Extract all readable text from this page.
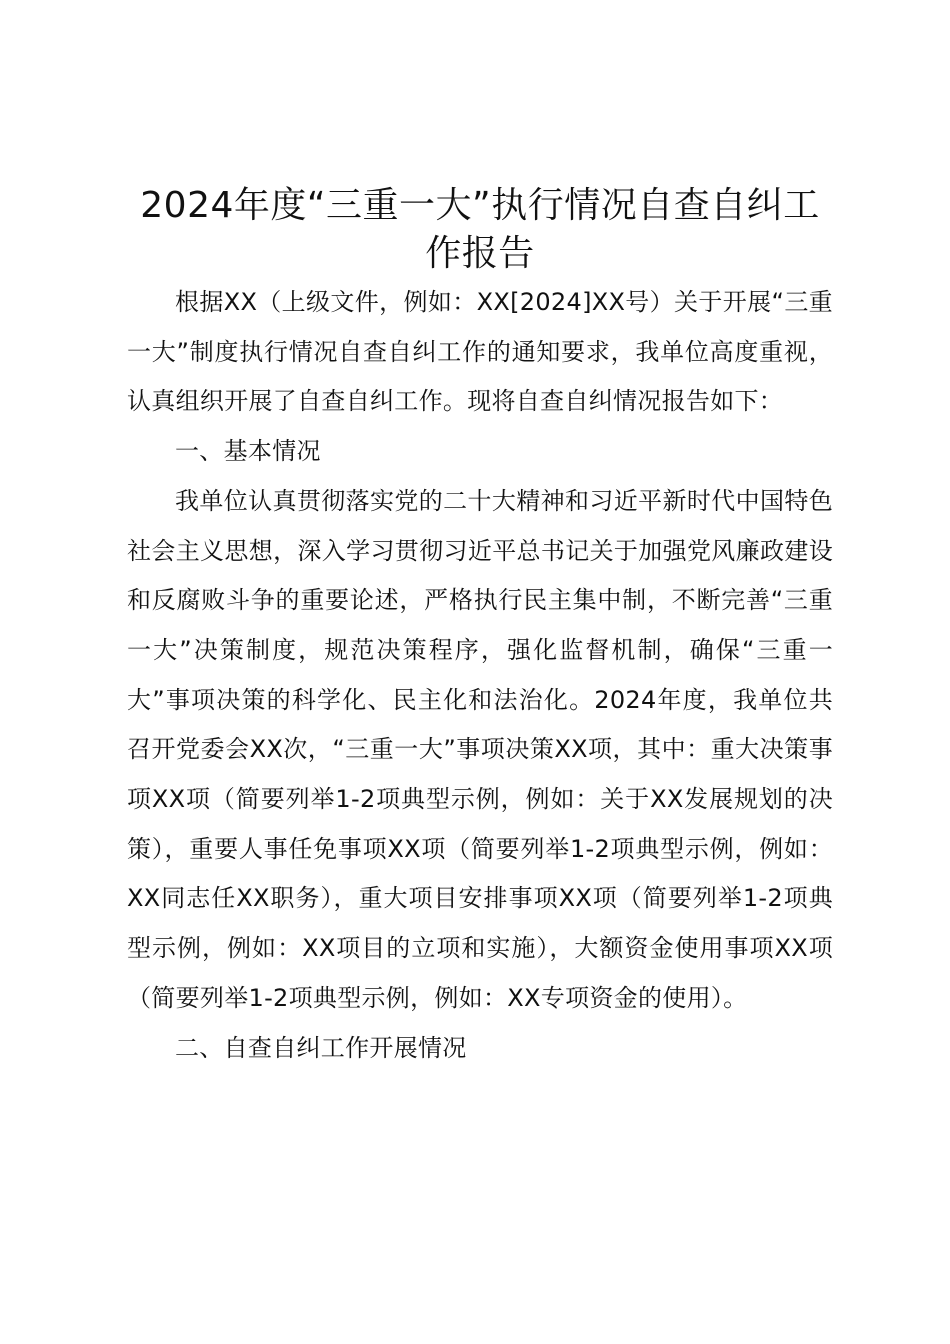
2024年度“三重一大”执行情况自查自纠工作报告

根据XX（上级文件，例如：XX[2024]XX号）关于开展“三重一大”制度执行情况自查自纠工作的通知要求，我单位高度重视，认真组织开展了自查自纠工作。现将自查自纠情况报告如下：

一、基本情况

我单位认真贯彻落实党的二十大精神和习近平新时代中国特色社会主义思想，深入学习贯彻习近平总书记关于加强党风廉政建设和反腐败斗争的重要论述，严格执行民主集中制，不断完善“三重一大”决策制度，规范决策程序，强化监督机制，确保“三重一大”事项决策的科学化、民主化和法治化。2024年度，我单位共召开党委会XX次，“三重一大”事项决策XX项，其中：重大决策事项XX项（简要列举1-2项典型示例，例如：关于XX发展规划的决策），重要人事任免事项XX项（简要列举1-2项典型示例，例如：XX同志任XX职务），重大项目安排事项XX项（简要列举1-2项典型示例，例如：XX项目的立项和实施），大额资金使用事项XX项（简要列举1-2项典型示例，例如：XX专项资金的使用）。

二、自查自纠工作开展情况
